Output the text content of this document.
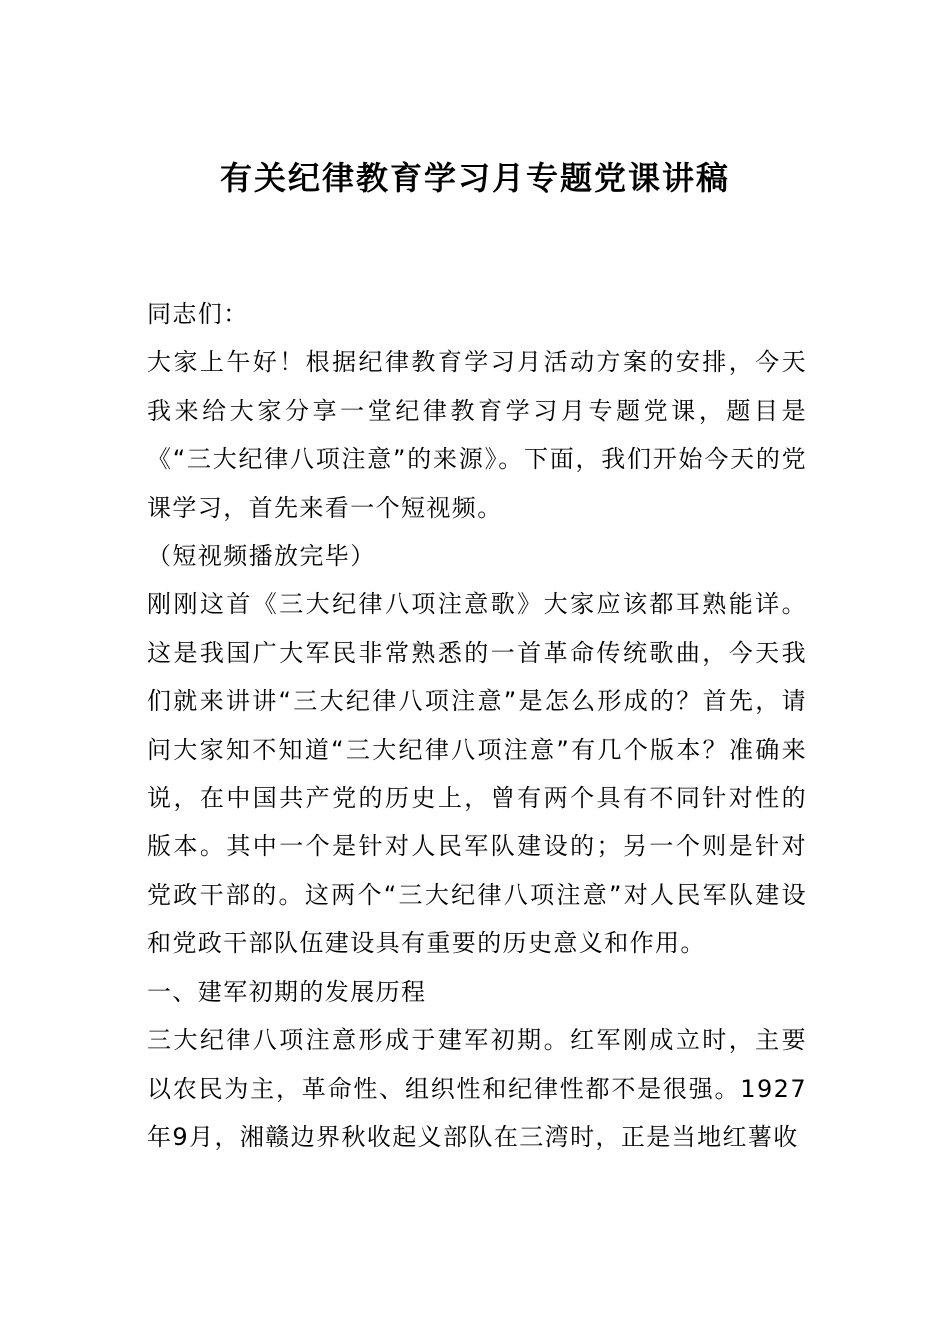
有关纪律教育学习月专题党课讲稿

同志们：

大家上午好！根据纪律教育学习月活动方案的安排，今天我来给大家分享一堂纪律教育学习月专题党课，题目是《“三大纪律八项注意”的来源》。下面，我们开始今天的党课学习，首先来看一个短视频。

（短视频播放完毕）

刚刚这首《三大纪律八项注意歌》大家应该都耳熟能详。这是我国广大军民非常熟悉的一首革命传统歌曲，今天我们就来讲讲“三大纪律八项注意”是怎么形成的？首先，请问大家知不知道“三大纪律八项注意”有几个版本？准确来说，在中国共产党的历史上，曾有两个具有不同针对性的版本。其中一个是针对人民军队建设的；另一个则是针对党政干部的。这两个“三大纪律八项注意”对人民军队建设和党政干部队伍建设具有重要的历史意义和作用。

一、建军初期的发展历程

三大纪律八项注意形成于建军初期。红军刚成立时，主要以农民为主，革命性、组织性和纪律性都不是很强。1927年9月，湘赣边界秋收起义部队在三湾时，正是当地红薯收
